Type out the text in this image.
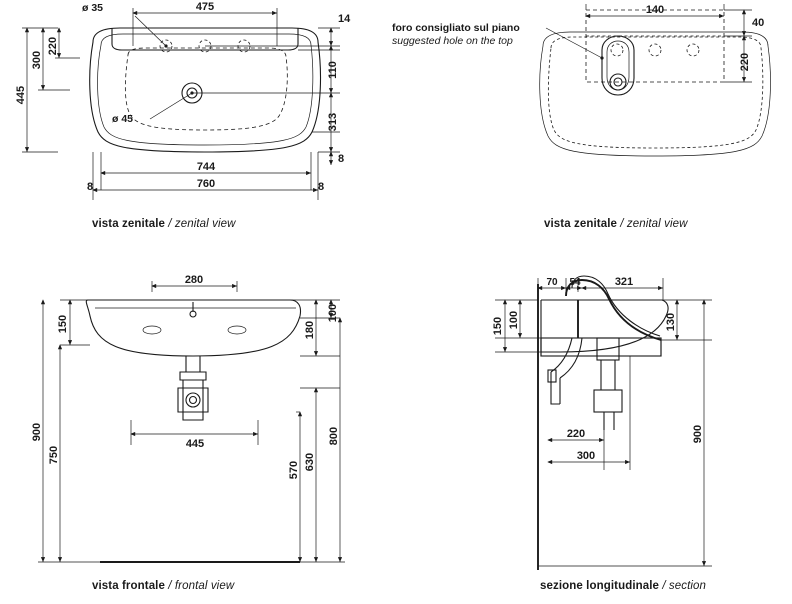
445
300
220
475
14
110
313
8
744
760
8	8
140
40
220
280
150
900
750
445
100
180
630
800
570
70 54	321
150 100	130
900
220
300
ø 35
ø 45
foro consigliato sul piano
suggested hole on the top
vista zenitale / zenital view	vista zenitale / zenital view
vista frontale / frontal view	sezione longitudinale / section
